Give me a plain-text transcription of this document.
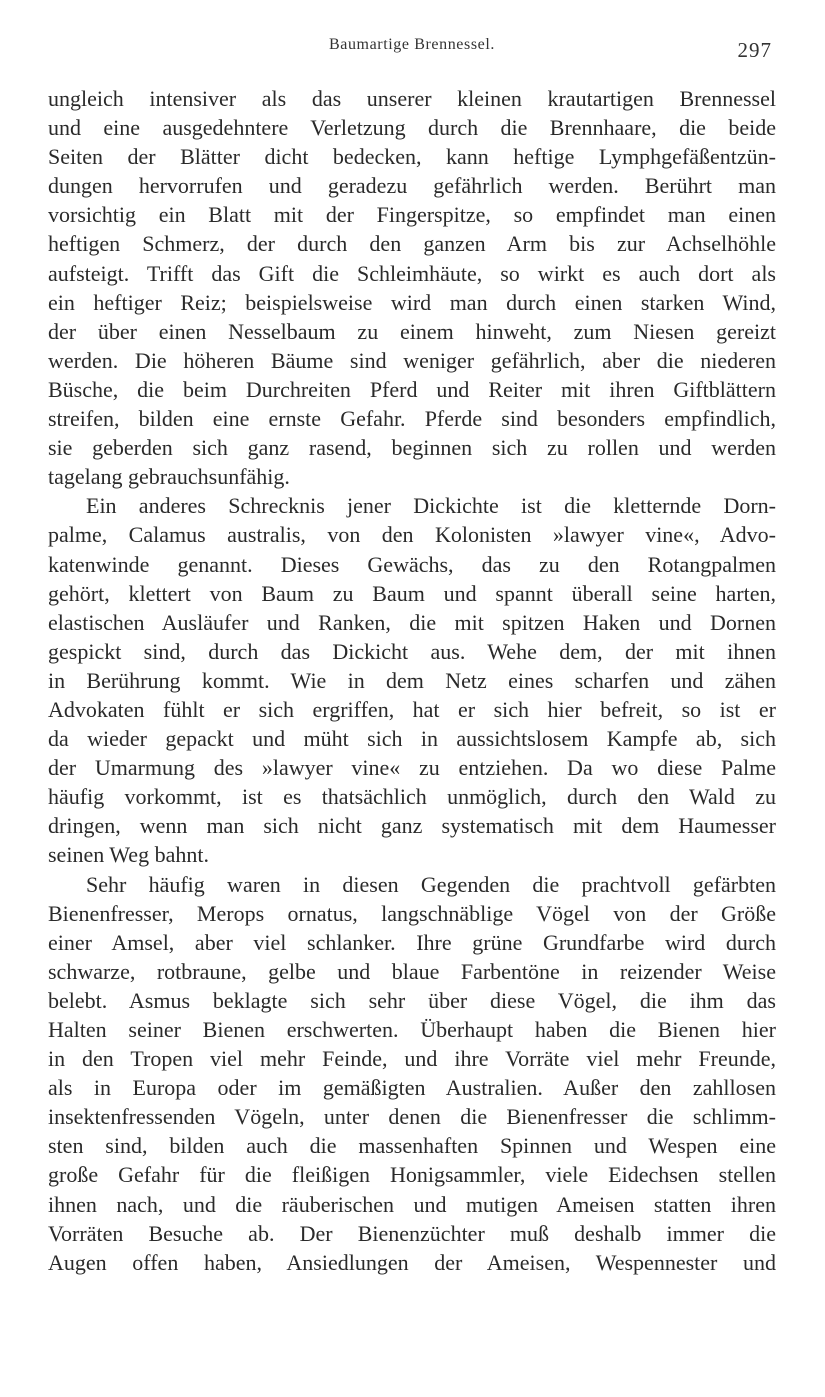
Baumartige Brennessel.	297
ungleich intensiver als das unserer kleinen krautartigen Brennessel
und eine ausgedehntere Verletzung durch die Brennhaare, die beide
Seiten der Blätter dicht bedecken, kann heftige Lymphgefäßentzün-
dungen hervorrufen und geradezu gefährlich werden. Berührt man
vorsichtig ein Blatt mit der Fingerspitze, so empfindet man einen
heftigen Schmerz, der durch den ganzen Arm bis zur Achselhöhle
aufsteigt. Trifft das Gift die Schleimhäute, so wirkt es auch dort als
ein heftiger Reiz; beispielsweise wird man durch einen starken Wind,
der über einen Nesselbaum zu einem hinweht, zum Niesen gereizt
werden. Die höheren Bäume sind weniger gefährlich, aber die niederen
Büsche, die beim Durchreiten Pferd und Reiter mit ihren Giftblättern
streifen, bilden eine ernste Gefahr. Pferde sind besonders empfindlich,
sie geberden sich ganz rasend, beginnen sich zu rollen und werden
tagelang gebrauchsunfähig.
Ein anderes Schrecknis jener Dickichte ist die kletternde Dorn-
palme, Calamus australis, von den Kolonisten »lawyer vine«, Advo-
katenwinde genannt. Dieses Gewächs, das zu den Rotangpalmen
gehört, klettert von Baum zu Baum und spannt überall seine harten,
elastischen Ausläufer und Ranken, die mit spitzen Haken und Dornen
gespickt sind, durch das Dickicht aus. Wehe dem, der mit ihnen
in Berührung kommt. Wie in dem Netz eines scharfen und zähen
Advokaten fühlt er sich ergriffen, hat er sich hier befreit, so ist er
da wieder gepackt und müht sich in aussichtslosem Kampfe ab, sich
der Umarmung des »lawyer vine« zu entziehen. Da wo diese Palme
häufig vorkommt, ist es thatsächlich unmöglich, durch den Wald zu
dringen, wenn man sich nicht ganz systematisch mit dem Haumesser
seinen Weg bahnt.
Sehr häufig waren in diesen Gegenden die prachtvoll gefärbten
Bienenfresser, Merops ornatus, langschnäblige Vögel von der Größe
einer Amsel, aber viel schlanker. Ihre grüne Grundfarbe wird durch
schwarze, rotbraune, gelbe und blaue Farbentöne in reizender Weise
belebt. Asmus beklagte sich sehr über diese Vögel, die ihm das
Halten seiner Bienen erschwerten. Überhaupt haben die Bienen hier
in den Tropen viel mehr Feinde, und ihre Vorräte viel mehr Freunde,
als in Europa oder im gemäßigten Australien. Außer den zahllosen
insektenfressenden Vögeln, unter denen die Bienenfresser die schlimm-
sten sind, bilden auch die massenhaften Spinnen und Wespen eine
große Gefahr für die fleißigen Honigsammler, viele Eidechsen stellen
ihnen nach, und die räuberischen und mutigen Ameisen statten ihren
Vorräten Besuche ab. Der Bienenzüchter muß deshalb immer die
Augen offen haben, Ansiedlungen der Ameisen, Wespennester und
